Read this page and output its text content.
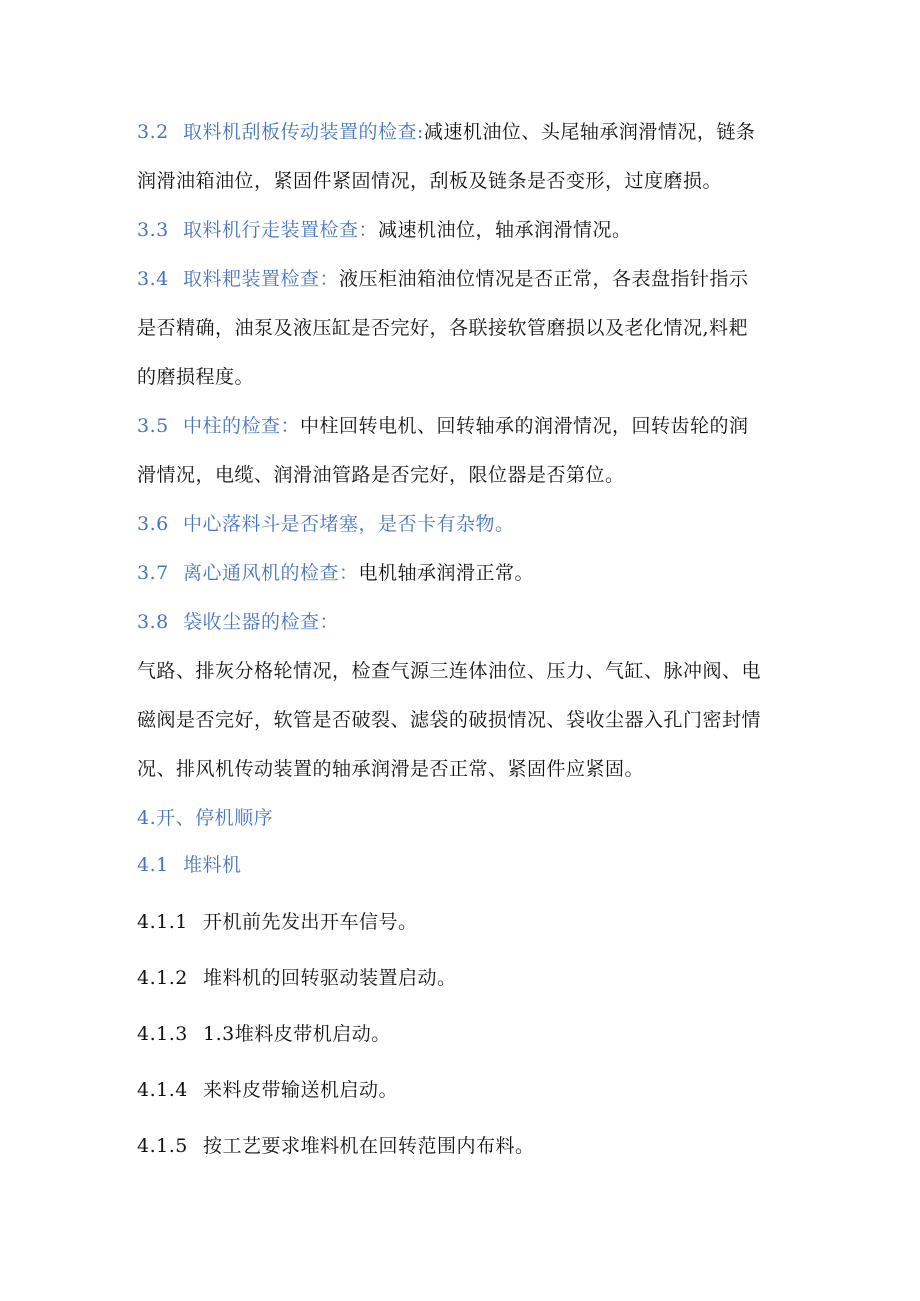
3.2 取料机刮板传动装置的检查:减速机油位、头尾轴承润滑情况，链条
润滑油箱油位，紧固件紧固情况，刮板及链条是否变形，过度磨损。
3.3 取料机行走装置检查：减速机油位，轴承润滑情况。
3.4 取料耙装置检查：液压柜油箱油位情况是否正常，各表盘指针指示
是否精确，油泵及液压缸是否完好，各联接软管磨损以及老化情况,料耙
的磨损程度。
3.5 中柱的检查：中柱回转电机、回转轴承的润滑情况，回转齿轮的润
滑情况，电缆、润滑油管路是否完好，限位器是否第位。
3.6 中心落料斗是否堵塞，是否卡有杂物。
3.7 离心通风机的检查：电机轴承润滑正常。
3.8 袋收尘器的检查：
气路、排灰分格轮情况，检查气源三连体油位、压力、气缸、脉冲阀、电
磁阀是否完好，软管是否破裂、滤袋的破损情况、袋收尘器入孔门密封情
况、排风机传动装置的轴承润滑是否正常、紧固件应紧固。
4.开、停机顺序
4.1 堆料机
4.1.1 开机前先发出开车信号。
4.1.2 堆料机的回转驱动装置启动。
4.1.3 1.3堆料皮带机启动。
4.1.4 来料皮带输送机启动。
4.1.5 按工艺要求堆料机在回转范围内布料。
